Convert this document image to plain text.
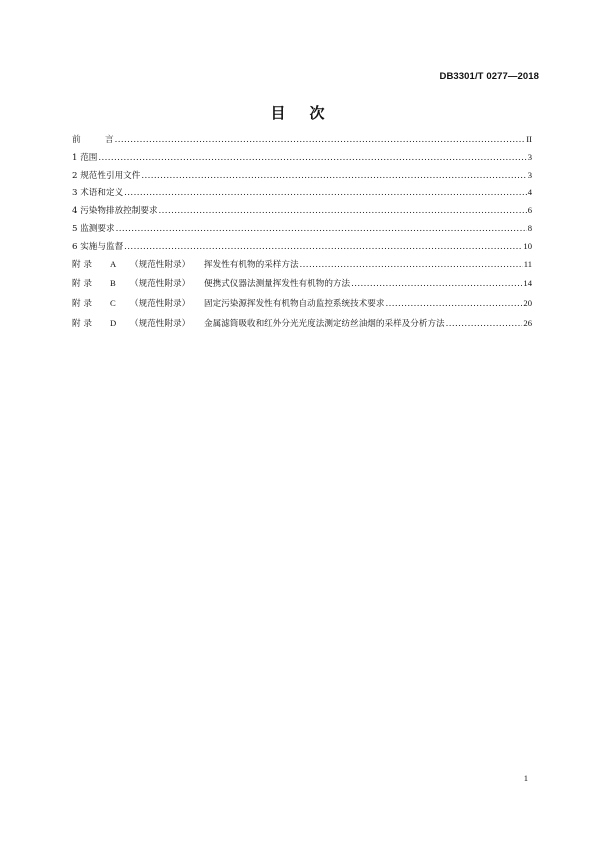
DB3301/T 0277—2018
目 次
前	言 .....	II
1 范围 .....	3
2 规范性引用文件 .....	3
3 术语和定义 .....	4
4 污染物排放控制要求 .....	6
5 监测要求 .....	8
6 实施与监督 .....	10
附 录 A （规范性附录） 挥发性有机物的采样方法 .....	11
附 录 B （规范性附录） 便携式仪器法测量挥发性有机物的方法 .....	14
附 录 C （规范性附录） 固定污染源挥发性有机物自动监控系统技术要求 .....	20
附 录 D （规范性附录） 金属滤筒吸收和红外分光光度法测定纺丝油烟的采样及分析方法 .....	26
1
